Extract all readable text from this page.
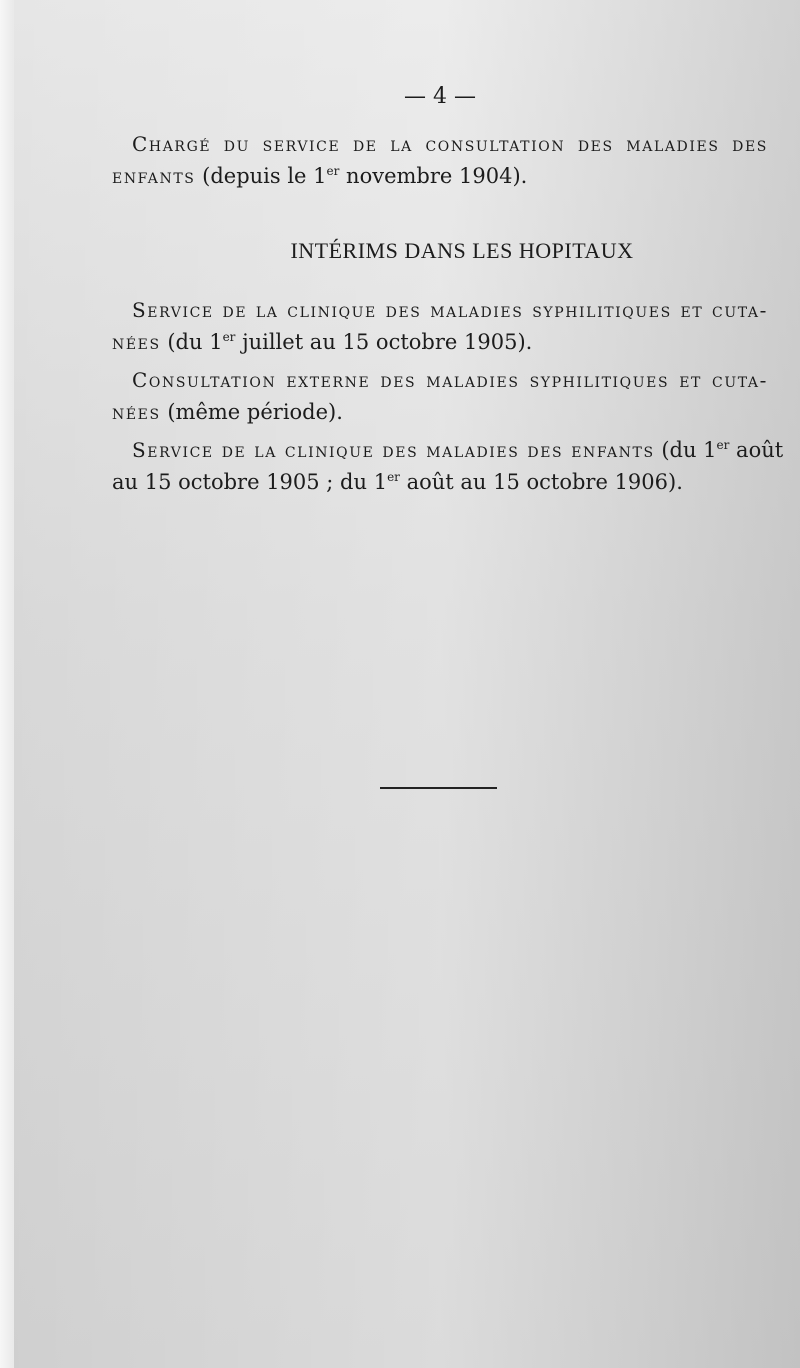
— 4 —
Chargé du service de la consultation des maladies des
enfants (depuis le 1er novembre 1904).
INTÉRIMS DANS LES HOPITAUX
Service de la clinique des maladies syphilitiques et cuta-
nées (du 1er juillet au 15 octobre 1905).
Consultation externe des maladies syphilitiques et cuta-
nées (même période).
Service de la clinique des maladies des enfants (du 1er août
au 15 octobre 1905 ; du 1er août au 15 octobre 1906).
